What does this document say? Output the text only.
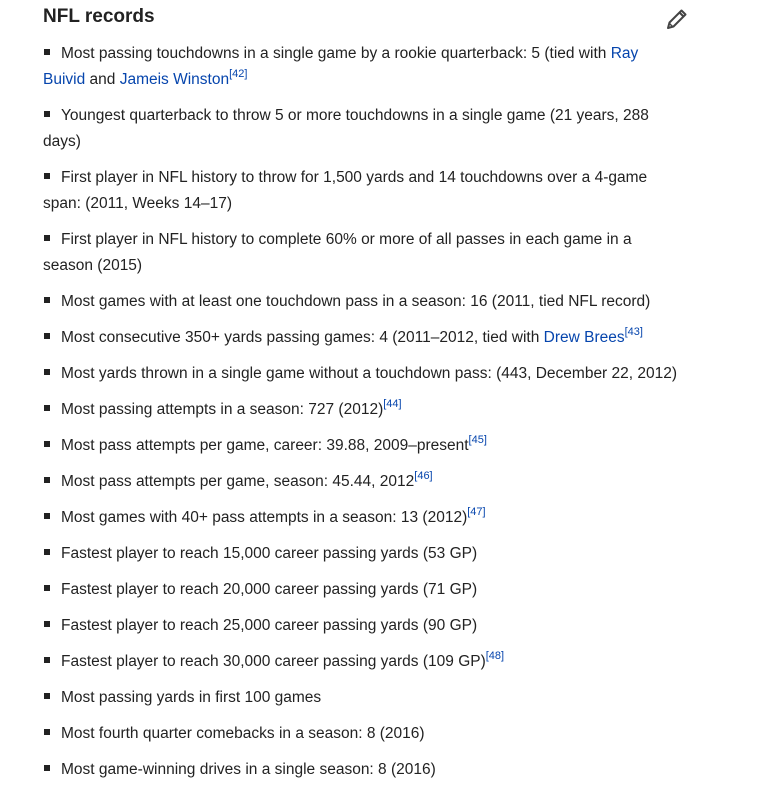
NFL records
Most passing touchdowns in a single game by a rookie quarterback: 5 (tied with Ray
Buivid and Jameis Winston[42]
Youngest quarterback to throw 5 or more touchdowns in a single game (21 years, 288
days)
First player in NFL history to throw for 1,500 yards and 14 touchdowns over a 4-game
span: (2011, Weeks 14–17)
First player in NFL history to complete 60% or more of all passes in each game in a
season (2015)
Most games with at least one touchdown pass in a season: 16 (2011, tied NFL record)
Most consecutive 350+ yards passing games: 4 (2011–2012, tied with Drew Brees[43]
Most yards thrown in a single game without a touchdown pass: (443, December 22, 2012)
Most passing attempts in a season: 727 (2012)[44]
Most pass attempts per game, career: 39.88, 2009–present[45]
Most pass attempts per game, season: 45.44, 2012[46]
Most games with 40+ pass attempts in a season: 13 (2012)[47]
Fastest player to reach 15,000 career passing yards (53 GP)
Fastest player to reach 20,000 career passing yards (71 GP)
Fastest player to reach 25,000 career passing yards (90 GP)
Fastest player to reach 30,000 career passing yards (109 GP)[48]
Most passing yards in first 100 games
Most fourth quarter comebacks in a season: 8 (2016)
Most game-winning drives in a single season: 8 (2016)
